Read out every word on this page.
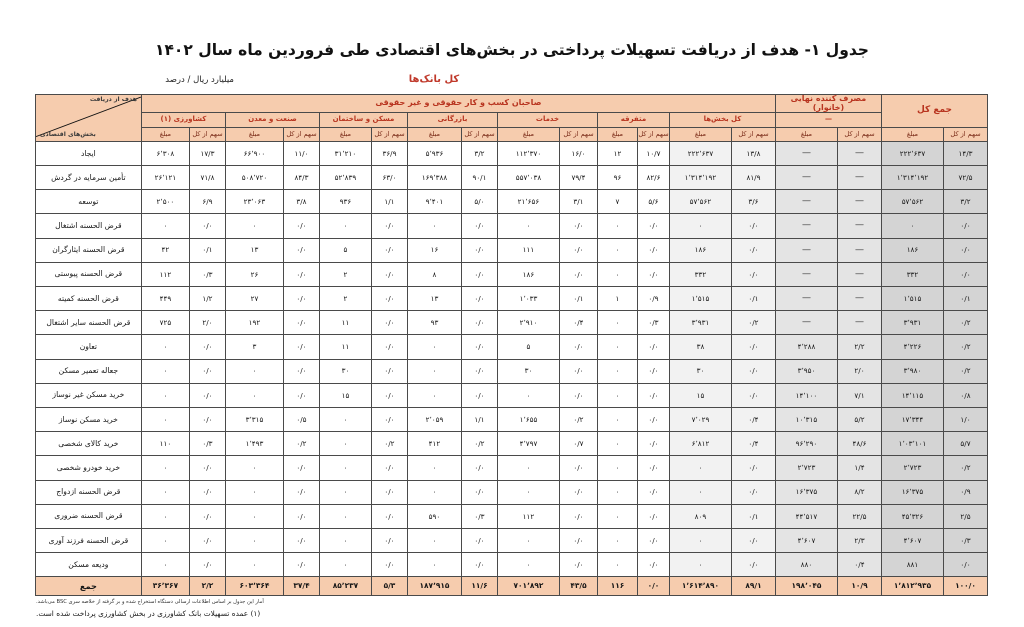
جدول ۱- هدف از دریافت تسهیلات پرداختی در بخش‌های اقتصادی طی فروردین ماه سال ۱۴۰۲
میلیارد ریال / درصد	کل بانک‌ها
جمع کل		مصرف کننده نهایی (خانوار)		صاحبان کسب و کار حقوقی و غیر حقوقی														بخش‌های اقتصادی
هدف از دریافت

		—		کل بخش‌ها		متفرقه		خدمات		بازرگانی		مسکن و ساختمان		صنعت و معدن		کشاورزی (۱)		
سهم از کل	مبلغ	سهم از کل	مبلغ	سهم از کل	مبلغ	سهم از کل	مبلغ	سهم از کل	مبلغ	سهم از کل	مبلغ	سهم از کل	مبلغ	سهم از کل	مبلغ	سهم از کل	مبلغ	
۱۴/۳	۲۲۲٬۶۳۷	—	—	۱۳/۸	۲۲۲٬۶۳۷	۱۰/۷	۱۲	۱۶/۰	۱۱۲٬۳۷۰	۳/۲	۵٬۹۳۶	۳۶/۹	۳۱٬۲۱۰	۱۱/۰	۶۶٬۹۰۰	۱۷/۳	۶٬۳۰۸	ایجاد
۷۲/۵	۱٬۳۱۴٬۱۹۲	—	—	۸۱/۹	۱٬۳۱۴٬۱۹۲	۸۲/۶	۹۶	۷۹/۴	۵۵۷٬۰۳۸	۹۰/۱	۱۶۹٬۳۸۸	۶۳/۰	۵۲٬۸۳۹	۸۴/۳	۵۰۸٬۷۲۰	۷۱/۸	۲۶٬۱۲۱	تأمین سرمایه در گردش
۳/۲	۵۷٬۵۶۲	—	—	۳/۶	۵۷٬۵۶۲	۵/۶	۷	۳/۱	۲۱٬۶۵۶	۵/۰	۹٬۴۰۱	۱/۱	۹۳۶	۳/۸	۲۳٬۰۶۳	۶/۹	۲٬۵۰۰	توسعه
۰/۰	۰	—	—	۰/۰	۰	۰/۰	۰	۰/۰	۰	۰/۰	۰	۰/۰	۰	۰/۰	۰	۰/۰	۰	قرض الحسنه اشتغال
۰/۰	۱۸۶	—	—	۰/۰	۱۸۶	۰/۰	۰	۰/۰	۱۱۱	۰/۰	۱۶	۰/۰	۵	۰/۰	۱۳	۰/۱	۴۲	قرض الحسنه ایثارگران
۰/۰	۳۳۲	—	—	۰/۰	۳۳۲	۰/۰	۰	۰/۰	۱۸۶	۰/۰	۸	۰/۰	۲	۰/۰	۲۶	۰/۳	۱۱۲	قرض الحسنه پیوستی
۰/۱	۱٬۵۱۵	—	—	۰/۱	۱٬۵۱۵	۰/۹	۱	۰/۱	۱٬۰۳۳	۰/۰	۱۳	۰/۰	۲	۰/۰	۲۷	۱/۲	۴۴۹	قرض الحسنه کمیته
۰/۲	۳٬۹۳۱	—	—	۰/۲	۳٬۹۳۱	۰/۳	۰	۰/۴	۲٬۹۱۰	۰/۰	۹۳	۰/۰	۱۱	۰/۰	۱۹۲	۲/۰	۷۲۵	قرض الحسنه سایر اشتغال
۰/۲	۴٬۲۲۶	۲/۲	۴٬۲۸۸	۰/۰	۳۸	۰/۰	۰	۰/۰	۵	۰/۰	۰	۰/۰	۱۱	۰/۰	۳	۰/۰	۰	تعاون
۰/۲	۳٬۹۸۰	۲/۰	۳٬۹۵۰	۰/۰	۳۰	۰/۰	۰	۰/۰	۳۰	۰/۰	۰	۰/۰	۳۰	۰/۰	۰	۰/۰	۰	جعاله تعمیر مسکن
۰/۸	۱۴٬۱۱۵	۷/۱	۱۴٬۱۰۰	۰/۰	۱۵	۰/۰	۰	۰/۰	۰	۰/۰	۰	۰/۰	۱۵	۰/۰	۰	۰/۰	۰	خرید مسکن غیر نوساز
۱/۰	۱۷٬۳۴۴	۵/۲	۱۰٬۳۱۵	۰/۴	۷٬۰۲۹	۰/۰	۰	۰/۲	۱٬۶۵۵	۱/۱	۲٬۰۵۹	۰/۰	۰	۰/۵	۳٬۳۱۵	۰/۰	۰	خرید مسکن نوساز
۵/۷	۱٬۰۳٬۱۰۱	۴۸/۶	۹۶٬۲۹۰	۰/۴	۶٬۸۱۲	۰/۰	۰	۰/۷	۴٬۷۹۷	۰/۲	۴۱۲	۰/۲	۰	۰/۲	۱٬۴۹۳	۰/۳	۱۱۰	خرید کالای شخصی
۰/۲	۲٬۷۲۳	۱/۴	۲٬۷۲۳	۰/۰	۰	۰/۰	۰	۰/۰	۰	۰/۰	۰	۰/۰	۰	۰/۰	۰	۰/۰	۰	خرید خودرو شخصی
۰/۹	۱۶٬۳۷۵	۸/۲	۱۶٬۳۷۵	۰/۰	۰	۰/۰	۰	۰/۰	۰	۰/۰	۰	۰/۰	۰	۰/۰	۰	۰/۰	۰	قرض الحسنه ازدواج
۲/۵	۴۵٬۳۲۶	۲۲/۵	۴۴٬۵۱۷	۰/۱	۸۰۹	۰/۰	۰	۰/۰	۱۱۲	۰/۳	۵۹۰	۰/۰	۰	۰/۰	۰	۰/۰	۰	قرض الحسنه ضروری
۰/۳	۴٬۶۰۷	۲/۳	۴٬۶۰۷	۰/۰	۰	۰/۰	۰	۰/۰	۰	۰/۰	۰	۰/۰	۰	۰/۰	۰	۰/۰	۰	قرض الحسنه فرزند آوری
۰/۰	۸۸۱	۰/۴	۸۸۰	۰/۰	۰	۰/۰	۰	۰/۰	۰	۰/۰	۰	۰/۰	۰	۰/۰	۰	۰/۰	۰	ودیعه مسکن
۱۰۰/۰	۱٬۸۱۲٬۹۳۵	۱۰/۹	۱۹۸٬۰۴۵	۸۹/۱	۱٬۶۱۴٬۸۹۰	۰/۰	۱۱۶	۴۳/۵	۷۰۱٬۸۹۲	۱۱/۶	۱۸۷٬۹۱۵	۵/۳	۸۵٬۲۳۷	۳۷/۴	۶۰۳٬۳۶۴	۲/۲	۳۶٬۳۶۷	جمع
آمار این جدول بر اساس اطلاعات ارسالی دستگاه استخراج شده و بر گرفته از خلاصه سری BSC می‌باشد.
(۱) عمده تسهیلات بانک کشاورزی در بخش کشاورزی پرداخت شده است.
